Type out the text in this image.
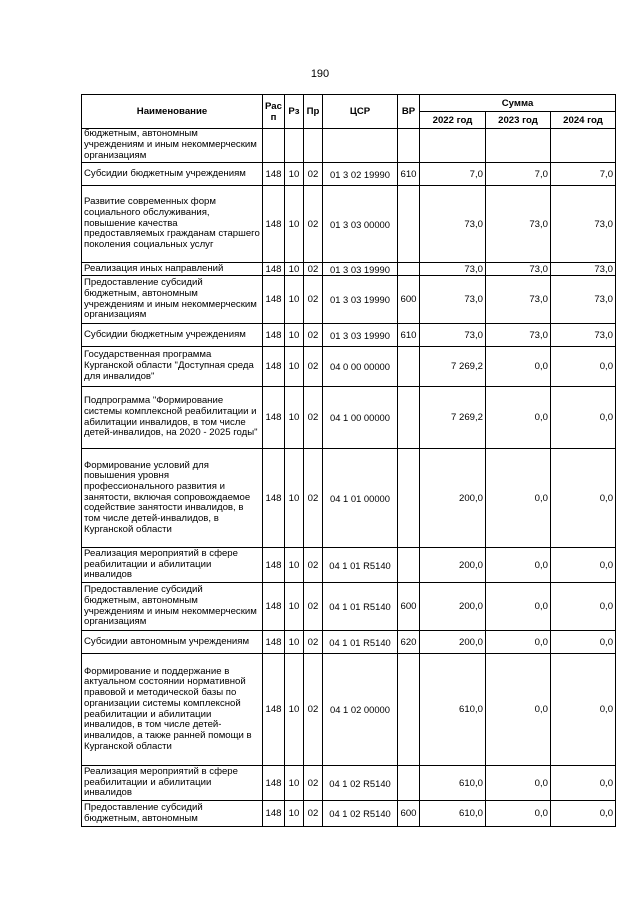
190
Наименование	Рас п	Рз	Пр	ЦСР	ВР	Сумма		
						2022 год	2023 год	2024 год
бюджетным, автономным учреждениям и иным некоммерческим организациям								
Субсидии бюджетным учреждениям	148	10	02	01 3 02 19990	610	7,0	7,0	7,0
Развитие современных форм социального обслуживания, повышение качества предоставляемых гражданам старшего поколения социальных услуг	148	10	02	01 3 03 00000		73,0	73,0	73,0
Реализация иных направлений	148	10	02	01 3 03 19990		73,0	73,0	73,0
Предоставление субсидий бюджетным, автономным учреждениям и иным некоммерческим организациям	148	10	02	01 3 03 19990	600	73,0	73,0	73,0
Субсидии бюджетным учреждениям	148	10	02	01 3 03 19990	610	73,0	73,0	73,0
Государственная программа Курганской области "Доступная среда для инвалидов"	148	10	02	04 0 00 00000		7 269,2	0,0	0,0
Подпрограмма "Формирование системы комплексной реабилитации и абилитации инвалидов, в том числе детей-инвалидов, на 2020 - 2025 годы"	148	10	02	04 1 00 00000		7 269,2	0,0	0,0
Формирование условий для повышения уровня профессионального развития и занятости, включая сопровождаемое содействие занятости инвалидов, в том числе детей-инвалидов, в Курганской области	148	10	02	04 1 01 00000		200,0	0,0	0,0
Реализация мероприятий в сфере реабилитации и абилитации инвалидов	148	10	02	04 1 01 R5140		200,0	0,0	0,0
Предоставление субсидий бюджетным, автономным учреждениям и иным некоммерческим организациям	148	10	02	04 1 01 R5140	600	200,0	0,0	0,0
Субсидии автономным учреждениям	148	10	02	04 1 01 R5140	620	200,0	0,0	0,0
Формирование и поддержание в актуальном состоянии нормативной правовой и методической базы по организации системы комплексной реабилитации и абилитации инвалидов, в том числе детей-инвалидов, а также ранней помощи в Курганской области	148	10	02	04 1 02 00000		610,0	0,0	0,0
Реализация мероприятий в сфере реабилитации и абилитации инвалидов	148	10	02	04 1 02 R5140		610,0	0,0	0,0
Предоставление субсидий бюджетным, автономным	148	10	02	04 1 02 R5140	600	610,0	0,0	0,0
